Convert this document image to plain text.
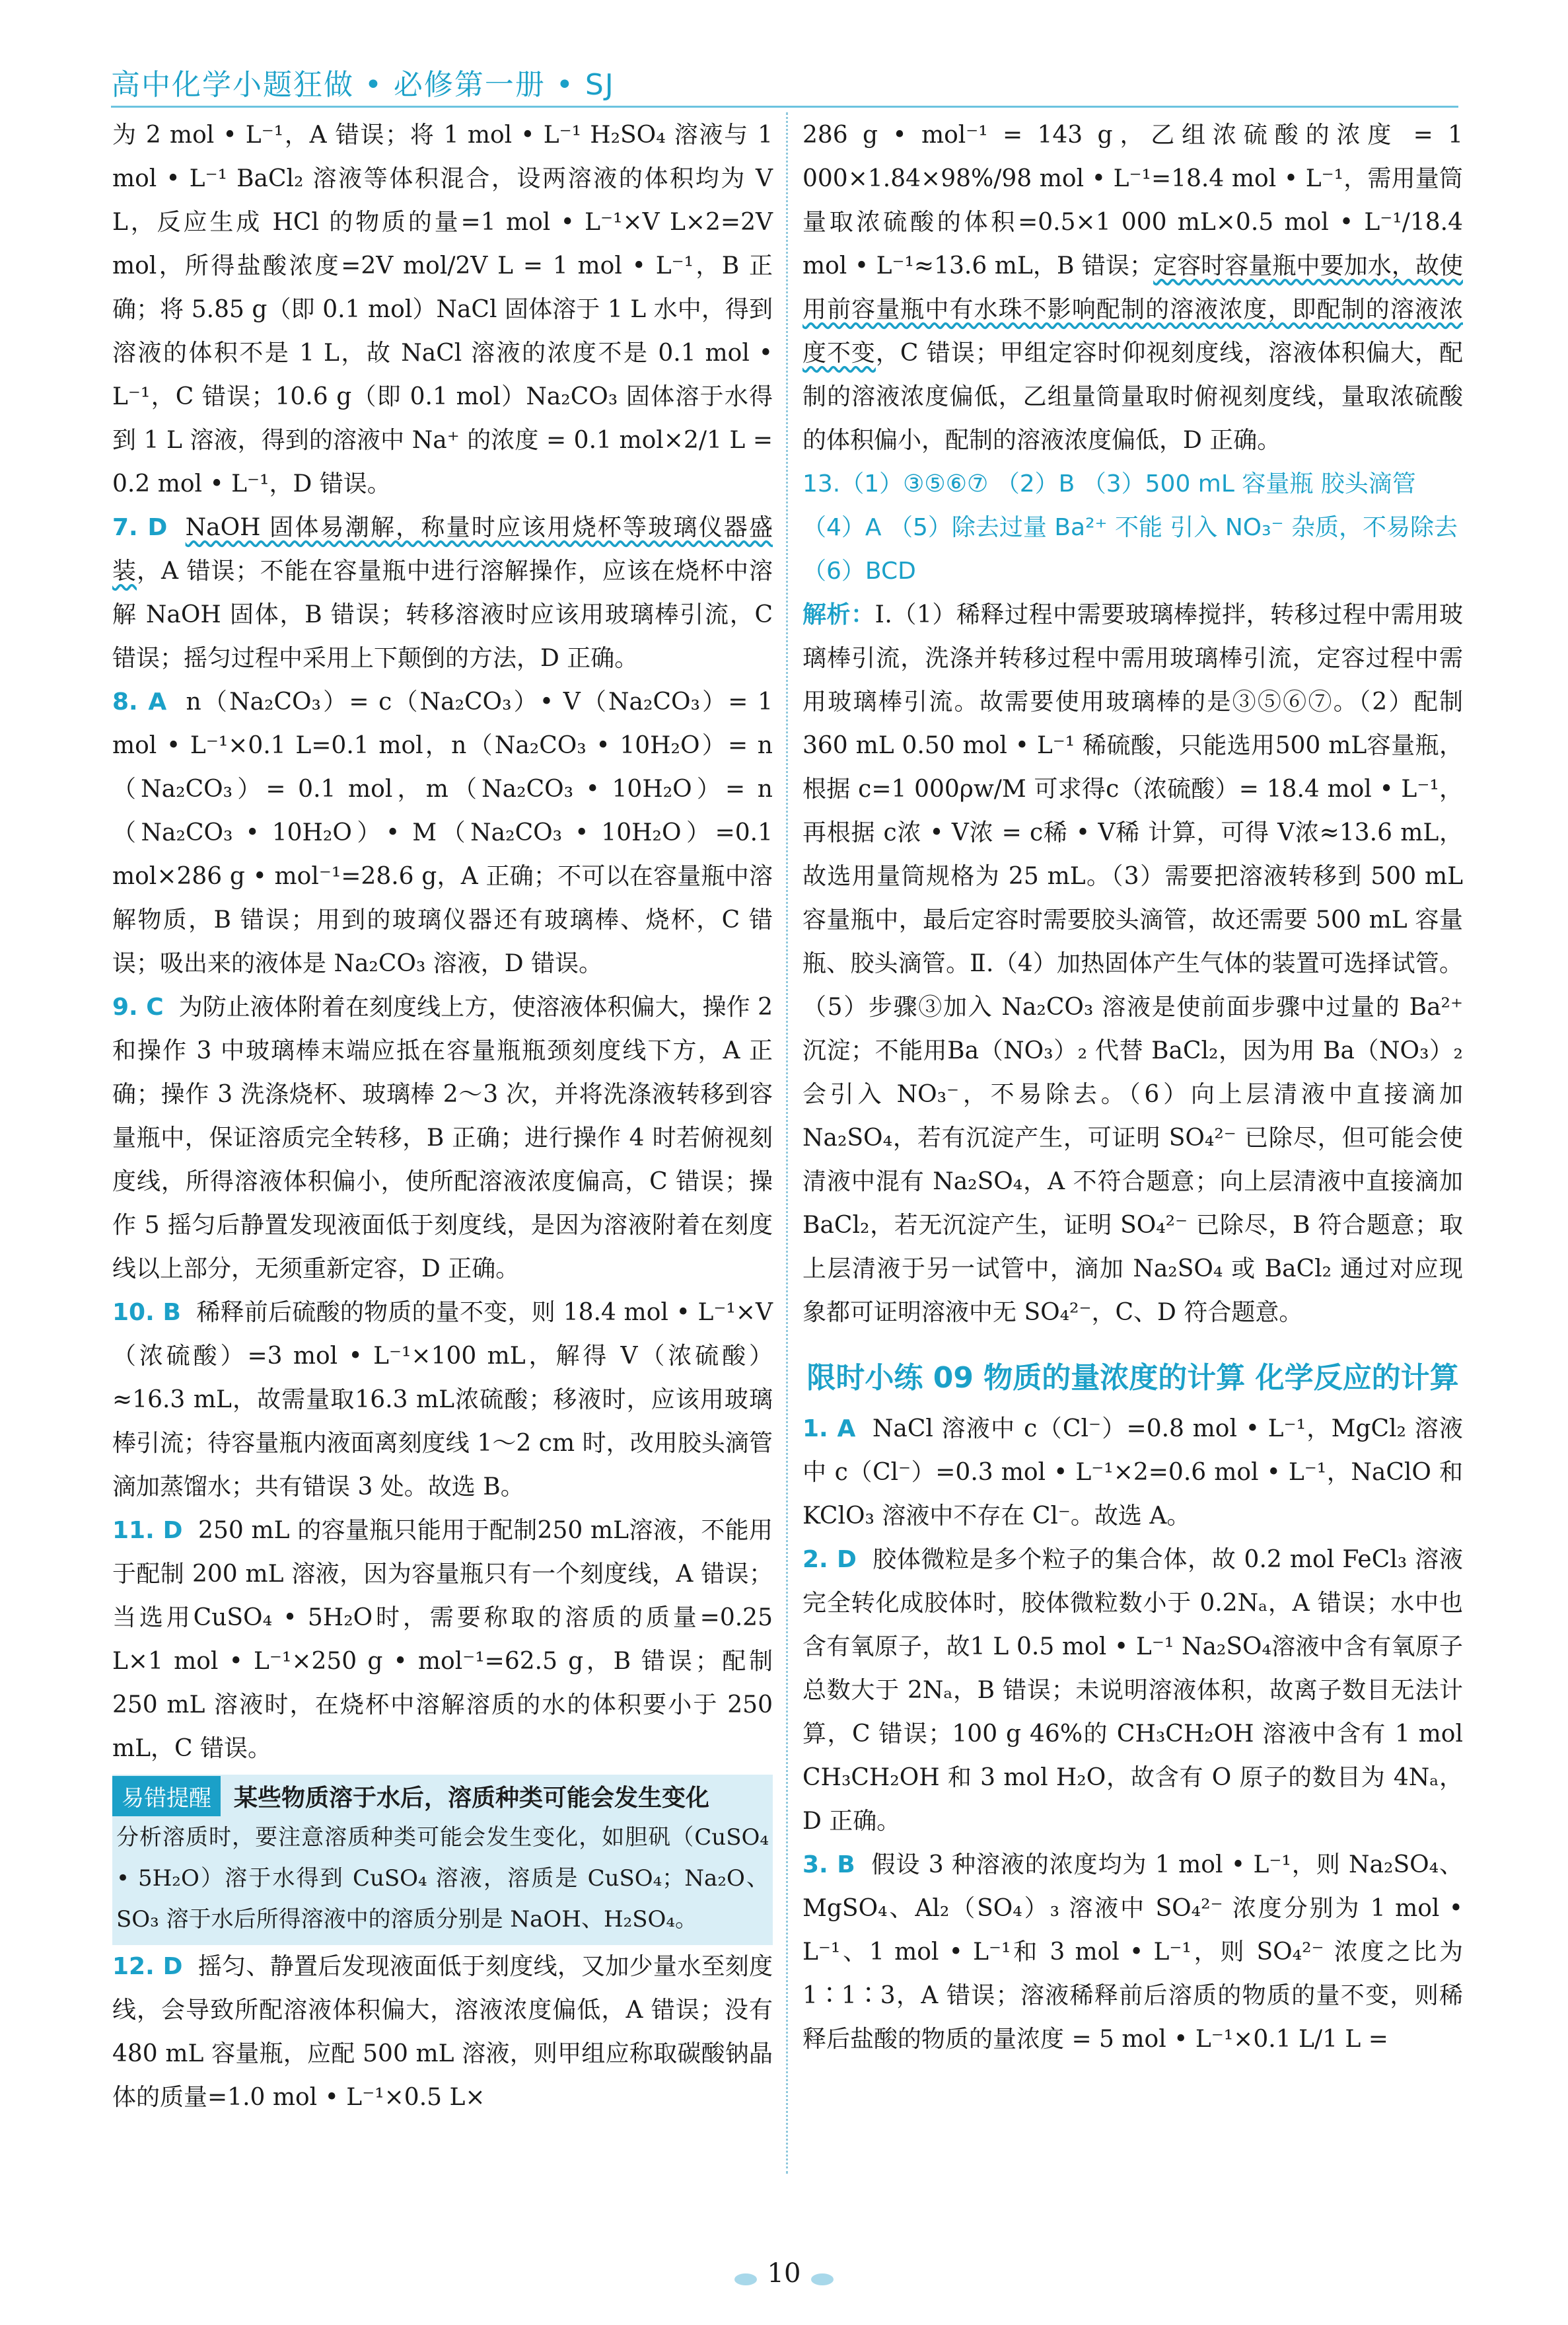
高中化学小题狂做 • 必修第一册 • SJ

为 2 mol • L⁻¹，A 错误；将 1 mol • L⁻¹ H₂SO₄ 溶液与 1 mol • L⁻¹ BaCl₂ 溶液等体积混合，设两溶液的体积均为 V L，反应生成 HCl 的物质的量=1 mol • L⁻¹×V L×2=2V mol，所得盐酸浓度=2V mol/2V L = 1 mol • L⁻¹，B 正确；将 5.85 g（即 0.1 mol）NaCl 固体溶于 1 L 水中，得到溶液的体积不是 1 L，故 NaCl 溶液的浓度不是 0.1 mol • L⁻¹，C 错误；10.6 g（即 0.1 mol）Na₂CO₃ 固体溶于水得到 1 L 溶液，得到的溶液中 Na⁺ 的浓度 = 0.1 mol×2/1 L = 0.2 mol • L⁻¹，D 错误。

7. D NaOH 固体易潮解，称量时应该用烧杯等玻璃仪器盛装，A 错误；不能在容量瓶中进行溶解操作，应该在烧杯中溶解 NaOH 固体，B 错误；转移溶液时应该用玻璃棒引流，C 错误；摇匀过程中采用上下颠倒的方法，D 正确。

8. A n（Na₂CO₃）= c（Na₂CO₃）• V（Na₂CO₃）= 1 mol • L⁻¹×0.1 L=0.1 mol，n（Na₂CO₃ • 10H₂O）= n（Na₂CO₃）= 0.1 mol，m（Na₂CO₃ • 10H₂O）= n（Na₂CO₃ • 10H₂O）• M（Na₂CO₃ • 10H₂O）=0.1 mol×286 g • mol⁻¹=28.6 g，A 正确；不可以在容量瓶中溶解物质，B 错误；用到的玻璃仪器还有玻璃棒、烧杯，C 错误；吸出来的液体是 Na₂CO₃ 溶液，D 错误。

9. C 为防止液体附着在刻度线上方，使溶液体积偏大，操作 2 和操作 3 中玻璃棒末端应抵在容量瓶瓶颈刻度线下方，A 正确；操作 3 洗涤烧杯、玻璃棒 2～3 次，并将洗涤液转移到容量瓶中，保证溶质完全转移，B 正确；进行操作 4 时若俯视刻度线，所得溶液体积偏小，使所配溶液浓度偏高，C 错误；操作 5 摇匀后静置发现液面低于刻度线，是因为溶液附着在刻度线以上部分，无须重新定容，D 正确。

10. B 稀释前后硫酸的物质的量不变，则 18.4 mol • L⁻¹×V（浓硫酸）=3 mol • L⁻¹×100 mL，解得 V（浓硫酸）≈16.3 mL，故需量取16.3 mL浓硫酸；移液时，应该用玻璃棒引流；待容量瓶内液面离刻度线 1～2 cm 时，改用胶头滴管滴加蒸馏水；共有错误 3 处。故选 B。

11. D 250 mL 的容量瓶只能用于配制250 mL溶液，不能用于配制 200 mL 溶液，因为容量瓶只有一个刻度线，A 错误；当选用CuSO₄ • 5H₂O时，需要称取的溶质的质量=0.25 L×1 mol • L⁻¹×250 g • mol⁻¹=62.5 g，B 错误；配制 250 mL 溶液时，在烧杯中溶解溶质的水的体积要小于 250 mL，C 错误。

易错提醒 某些物质溶于水后，溶质种类可能会发生变化

分析溶质时，要注意溶质种类可能会发生变化，如胆矾（CuSO₄ • 5H₂O）溶于水得到 CuSO₄ 溶液，溶质是 CuSO₄；Na₂O、SO₃ 溶于水后所得溶液中的溶质分别是 NaOH、H₂SO₄。

12. D 摇匀、静置后发现液面低于刻度线，又加少量水至刻度线，会导致所配溶液体积偏大，溶液浓度偏低，A 错误；没有 480 mL 容量瓶，应配 500 mL 溶液，则甲组应称取碳酸钠晶体的质量=1.0 mol • L⁻¹×0.5 L×

286 g • mol⁻¹ = 143 g，乙组浓硫酸的浓度 = 1 000×1.84×98%/98 mol • L⁻¹=18.4 mol • L⁻¹，需用量筒量取浓硫酸的体积=0.5×1 000 mL×0.5 mol • L⁻¹/18.4 mol • L⁻¹≈13.6 mL，B 错误；定容时容量瓶中要加水，故使用前容量瓶中有水珠不影响配制的溶液浓度，即配制的溶液浓度不变，C 错误；甲组定容时仰视刻度线，溶液体积偏大，配制的溶液浓度偏低，乙组量筒量取时俯视刻度线，量取浓硫酸的体积偏小，配制的溶液浓度偏低，D 正确。

13.（1）③⑤⑥⑦ （2）B （3）500 mL 容量瓶 胶头滴管 （4）A （5）除去过量 Ba²⁺ 不能 引入 NO₃⁻ 杂质，不易除去 （6）BCD

解析：Ⅰ.（1）稀释过程中需要玻璃棒搅拌，转移过程中需用玻璃棒引流，洗涤并转移过程中需用玻璃棒引流，定容过程中需用玻璃棒引流。故需要使用玻璃棒的是③⑤⑥⑦。（2）配制 360 mL 0.50 mol • L⁻¹ 稀硫酸，只能选用500 mL容量瓶，根据 c=1 000ρw/M 可求得c（浓硫酸）= 18.4 mol • L⁻¹，再根据 c浓 • V浓 = c稀 • V稀 计算，可得 V浓≈13.6 mL，故选用量筒规格为 25 mL。（3）需要把溶液转移到 500 mL 容量瓶中，最后定容时需要胶头滴管，故还需要 500 mL 容量瓶、胶头滴管。Ⅱ.（4）加热固体产生气体的装置可选择试管。（5）步骤③加入 Na₂CO₃ 溶液是使前面步骤中过量的 Ba²⁺ 沉淀；不能用Ba（NO₃）₂ 代替 BaCl₂，因为用 Ba（NO₃）₂ 会引入 NO₃⁻，不易除去。（6）向上层清液中直接滴加 Na₂SO₄，若有沉淀产生，可证明 SO₄²⁻ 已除尽，但可能会使清液中混有 Na₂SO₄，A 不符合题意；向上层清液中直接滴加 BaCl₂，若无沉淀产生，证明 SO₄²⁻ 已除尽，B 符合题意；取上层清液于另一试管中，滴加 Na₂SO₄ 或 BaCl₂ 通过对应现象都可证明溶液中无 SO₄²⁻，C、D 符合题意。

限时小练 09 物质的量浓度的计算 化学反应的计算

1. A NaCl 溶液中 c（Cl⁻）=0.8 mol • L⁻¹，MgCl₂ 溶液中 c（Cl⁻）=0.3 mol • L⁻¹×2=0.6 mol • L⁻¹，NaClO 和 KClO₃ 溶液中不存在 Cl⁻。故选 A。

2. D 胶体微粒是多个粒子的集合体，故 0.2 mol FeCl₃ 溶液完全转化成胶体时，胶体微粒数小于 0.2Nₐ，A 错误；水中也含有氧原子，故1 L 0.5 mol • L⁻¹ Na₂SO₄溶液中含有氧原子总数大于 2Nₐ，B 错误；未说明溶液体积，故离子数目无法计算，C 错误；100 g 46%的 CH₃CH₂OH 溶液中含有 1 mol CH₃CH₂OH 和 3 mol H₂O，故含有 O 原子的数目为 4Nₐ，D 正确。

3. B 假设 3 种溶液的浓度均为 1 mol • L⁻¹，则 Na₂SO₄、MgSO₄、Al₂（SO₄）₃ 溶液中 SO₄²⁻ 浓度分别为 1 mol • L⁻¹、1 mol • L⁻¹和 3 mol • L⁻¹，则 SO₄²⁻ 浓度之比为 1∶1∶3，A 错误；溶液稀释前后溶质的物质的量不变，则稀释后盐酸的物质的量浓度 = 5 mol • L⁻¹×0.1 L/1 L =

10
